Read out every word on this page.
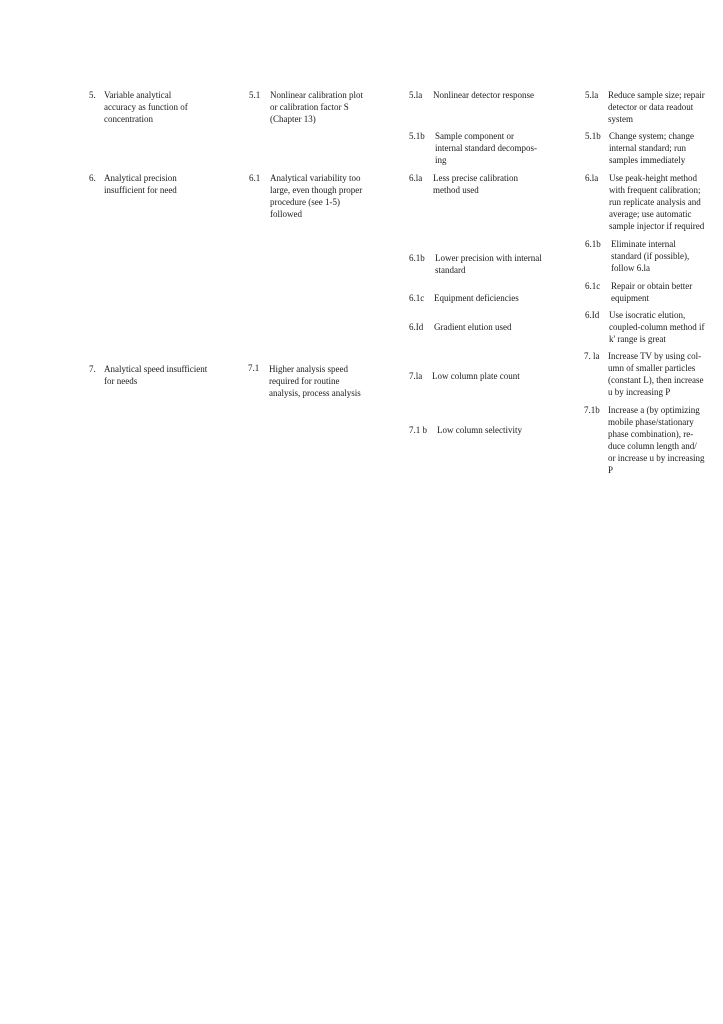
5. Variable analytical
accuracy as function of
concentration
6. Analytical precision
insufficient for need
7. Analytical speed insufficient
for needs
5.1 Nonlinear calibration plot
or calibration factor S
(Chapter 13)
6.1 Analytical variability too
large, even though proper
procedure (see 1-5)
followed
7.1 Higher analysis speed
required for routine
analysis, process analysis
5.la Nonlinear detector response
5.1b Sample component or
internal standard decompos-
ing
6.la Less precise calibration
method used
6.1b Lower precision with internal
standard
6.1c Equipment deficiencies
6.Id Gradient elution used
7.la Low column plate count
7.1 b Low column selectivity
5.la Reduce sample size; repair
detector or data readout
system
5.1b Change system; change
internal standard; run
samples immediately
6.la Use peak-height method
with frequent calibration;
run replicate analysis and
average; use automatic
sample injector if required
6.1b Eliminate internal
standard (if possible),
follow 6.la
6.1c Repair or obtain better
equipment
6.Id Use isocratic elution,
coupled-column method if
k' range is great
7. la Increase TV by using col-
umn of smaller particles
(constant L), then increase
u by increasing P
7.1b Increase a (by optimizing
mobile phase/stationary
phase combination), re-
duce column length and/
or increase u by increasing
P
